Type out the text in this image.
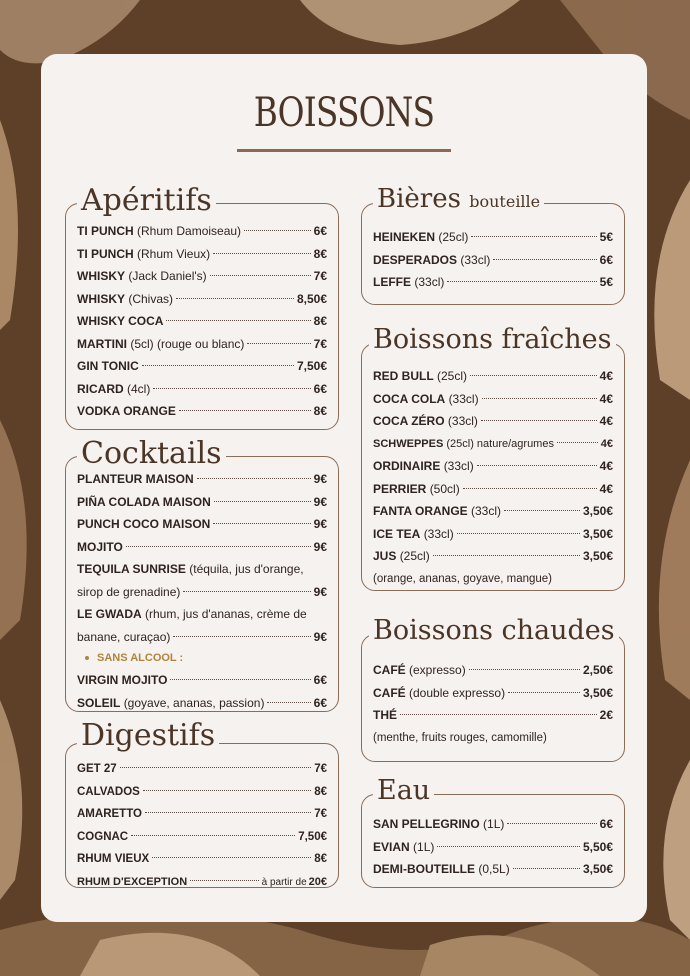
BOISSONS
Apéritifs
TI PUNCH
(Rhum Damoiseau)	6€
TI PUNCH
(Rhum Vieux)	8€
WHISKY
(Jack Daniel's)	7€
WHISKY
(Chivas)	8,50€
WHISKY COCA	8€
MARTINI
(5cl) (rouge ou blanc)	7€
GIN TONIC	7,50€
RICARD
(4cl)	6€
VODKA ORANGE	8€
Cocktails
PLANTEUR MAISON	9€
PIÑA COLADA MAISON	9€
PUNCH COCO MAISON	9€
MOJITO	9€
TEQUILA SUNRISE
(téquila, jus d'orange,
sirop de grenadine)	9€
LE GWADA
(rhum, jus d'ananas, crème de
banane, curaçao)	9€
SANS ALCOOL :
VIRGIN MOJITO	6€
SOLEIL
(goyave, ananas, passion)	6€
Digestifs
GET 27	7€
CALVADOS	8€
AMARETTO	7€
COGNAC	7,50€
RHUM VIEUX	8€
RHUM D'EXCEPTION	à partir de 20€
Bières bouteille
HEINEKEN
(25cl)	5€
DESPERADOS
(33cl)	6€
LEFFE
(33cl)	5€
Boissons fraîches
RED BULL
(25cl)	4€
COCA COLA
(33cl)	4€
COCA ZÉRO
(33cl)	4€
SCHWEPPES
(25cl) nature/agrumes	4€
ORDINAIRE
(33cl)	4€
PERRIER
(50cl)	4€
FANTA ORANGE
(33cl)	3,50€
ICE TEA
(33cl)	3,50€
JUS
(25cl)	3,50€
(orange, ananas, goyave, mangue)
Boissons chaudes
CAFÉ
(expresso)	2,50€
CAFÉ
(double expresso)	3,50€
THÉ	2€
(menthe, fruits rouges, camomille)
Eau
SAN PELLEGRINO
(1L)	6€
EVIAN
(1L)	5,50€
DEMI-BOUTEILLE
(0,5L)	3,50€
